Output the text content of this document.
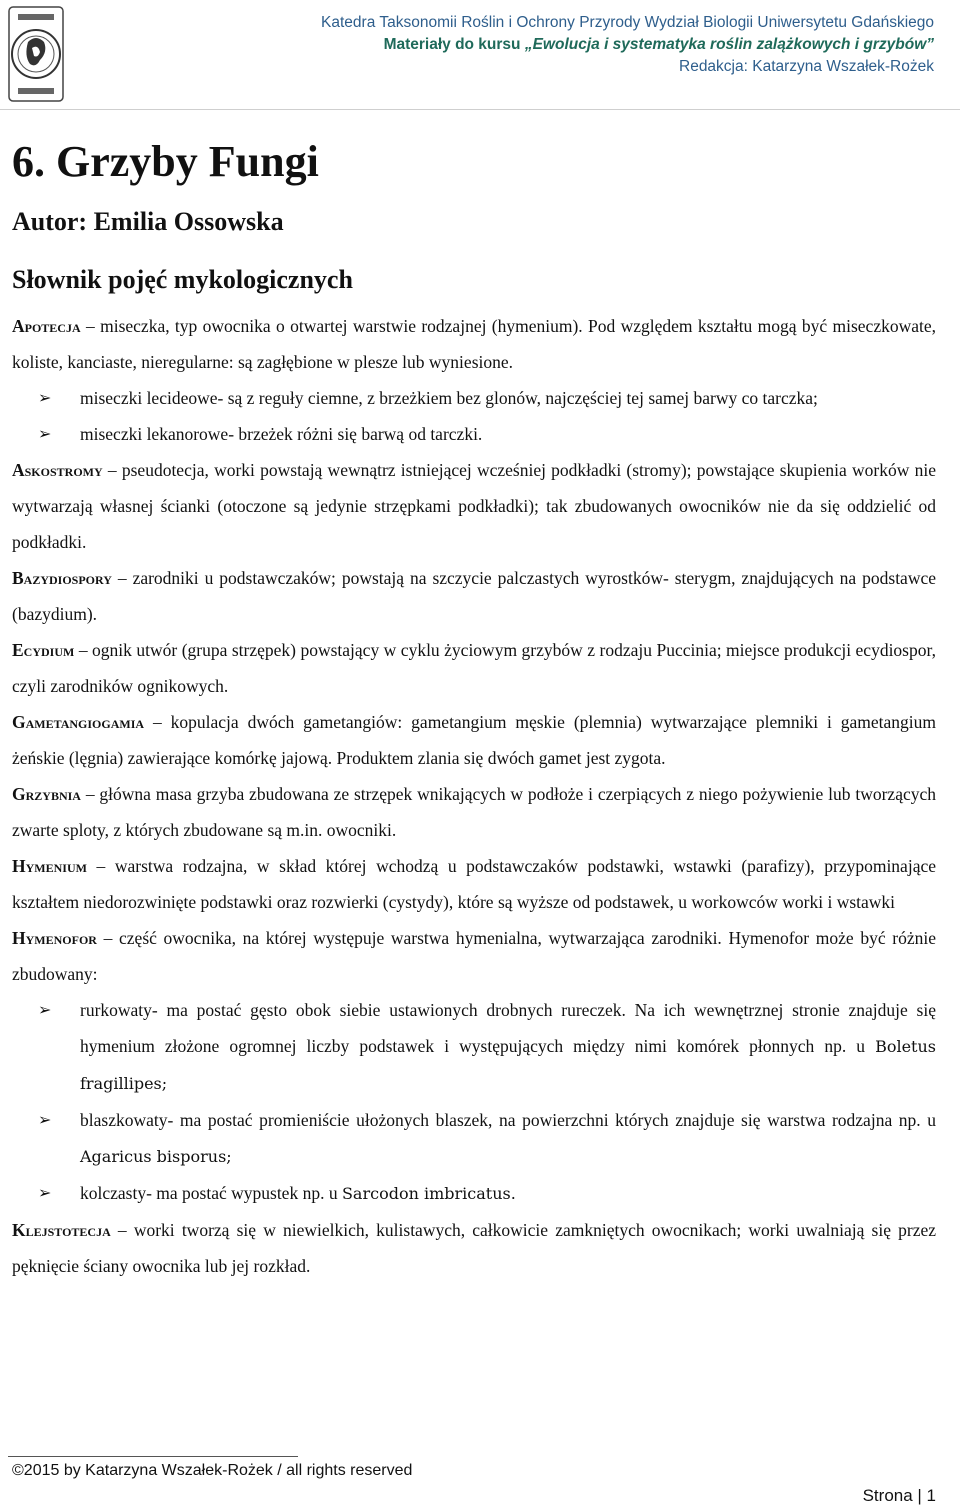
Katedra Taksonomii Roślin i Ochrony Przyrody Wydział Biologii Uniwersytetu Gdańskiego
Materiały do kursu „Ewolucja i systematyka roślin zalążkowych i grzybów”
Redakcja: Katarzyna Wszałek-Rożek
6. Grzyby Fungi
Autor: Emilia Ossowska
Słownik pojęć mykologicznych

Apotecja – miseczka, typ owocnika o otwartej warstwie rodzajnej (hymenium). Pod względem kształtu mogą być miseczkowate, koliste, kanciaste, nieregularne: są zagłębione w plesze lub wyniesione.

➢ miseczki lecideowe- są z reguły ciemne, z brzeżkiem bez glonów, najczęściej tej samej barwy co tarczka;
➢ miseczki lekanorowe- brzeżek różni się barwą od tarczki.

Askostromy – pseudotecja, worki powstają wewnątrz istniejącej wcześniej podkładki (stromy); powstające skupienia worków nie wytwarzają własnej ścianki (otoczone są jedynie strzępkami podkładki); tak zbudowanych owocników nie da się oddzielić od podkładki.

Bazydiospory – zarodniki u podstawczaków; powstają na szczycie palczastych wyrostków- sterygm, znajdujących na podstawce (bazydium).

Ecydium – ognik utwór (grupa strzępek) powstający w cyklu życiowym grzybów z rodzaju Puccinia; miejsce produkcji ecydiospor, czyli zarodników ognikowych.

Gametangiogamia – kopulacja dwóch gametangiów: gametangium męskie (plemnia) wytwarzające plemniki i gametangium żeńskie (lęgnia) zawierające komórkę jajową. Produktem zlania się dwóch gamet jest zygota.

Grzybnia – główna masa grzyba zbudowana ze strzępek wnikających w podłoże i czerpiących z niego pożywienie lub tworzących zwarte sploty, z których zbudowane są m.in. owocniki.

Hymenium – warstwa rodzajna, w skład której wchodzą u podstawczaków podstawki, wstawki (parafizy), przypominające kształtem niedorozwinięte podstawki oraz rozwierki (cystydy), które są wyższe od podstawek, u workowców worki i wstawki

Hymenofor – część owocnika, na której występuje warstwa hymenialna, wytwarzająca zarodniki. Hymenofor może być różnie zbudowany:

➢ rurkowaty- ma postać gęsto obok siebie ustawionych drobnych rureczek. Na ich wewnętrznej stronie znajduje się hymenium złożone ogromnej liczby podstawek i występujących między nimi komórek płonnych np. u Boletus fragillipes;
➢ blaszkowaty- ma postać promieniście ułożonych blaszek, na powierzchni których znajduje się warstwa rodzajna np. u Agaricus bisporus;
➢ kolczasty- ma postać wypustek np. u Sarcodon imbricatus.

Klejstotecja – worki tworzą się w niewielkich, kulistawych, całkowicie zamkniętych owocnikach; worki uwalniają się przez pęknięcie ściany owocnika lub jej rozkład.

©2015 by Katarzyna Wszałek-Rożek / all rights reserved
Strona | 1
